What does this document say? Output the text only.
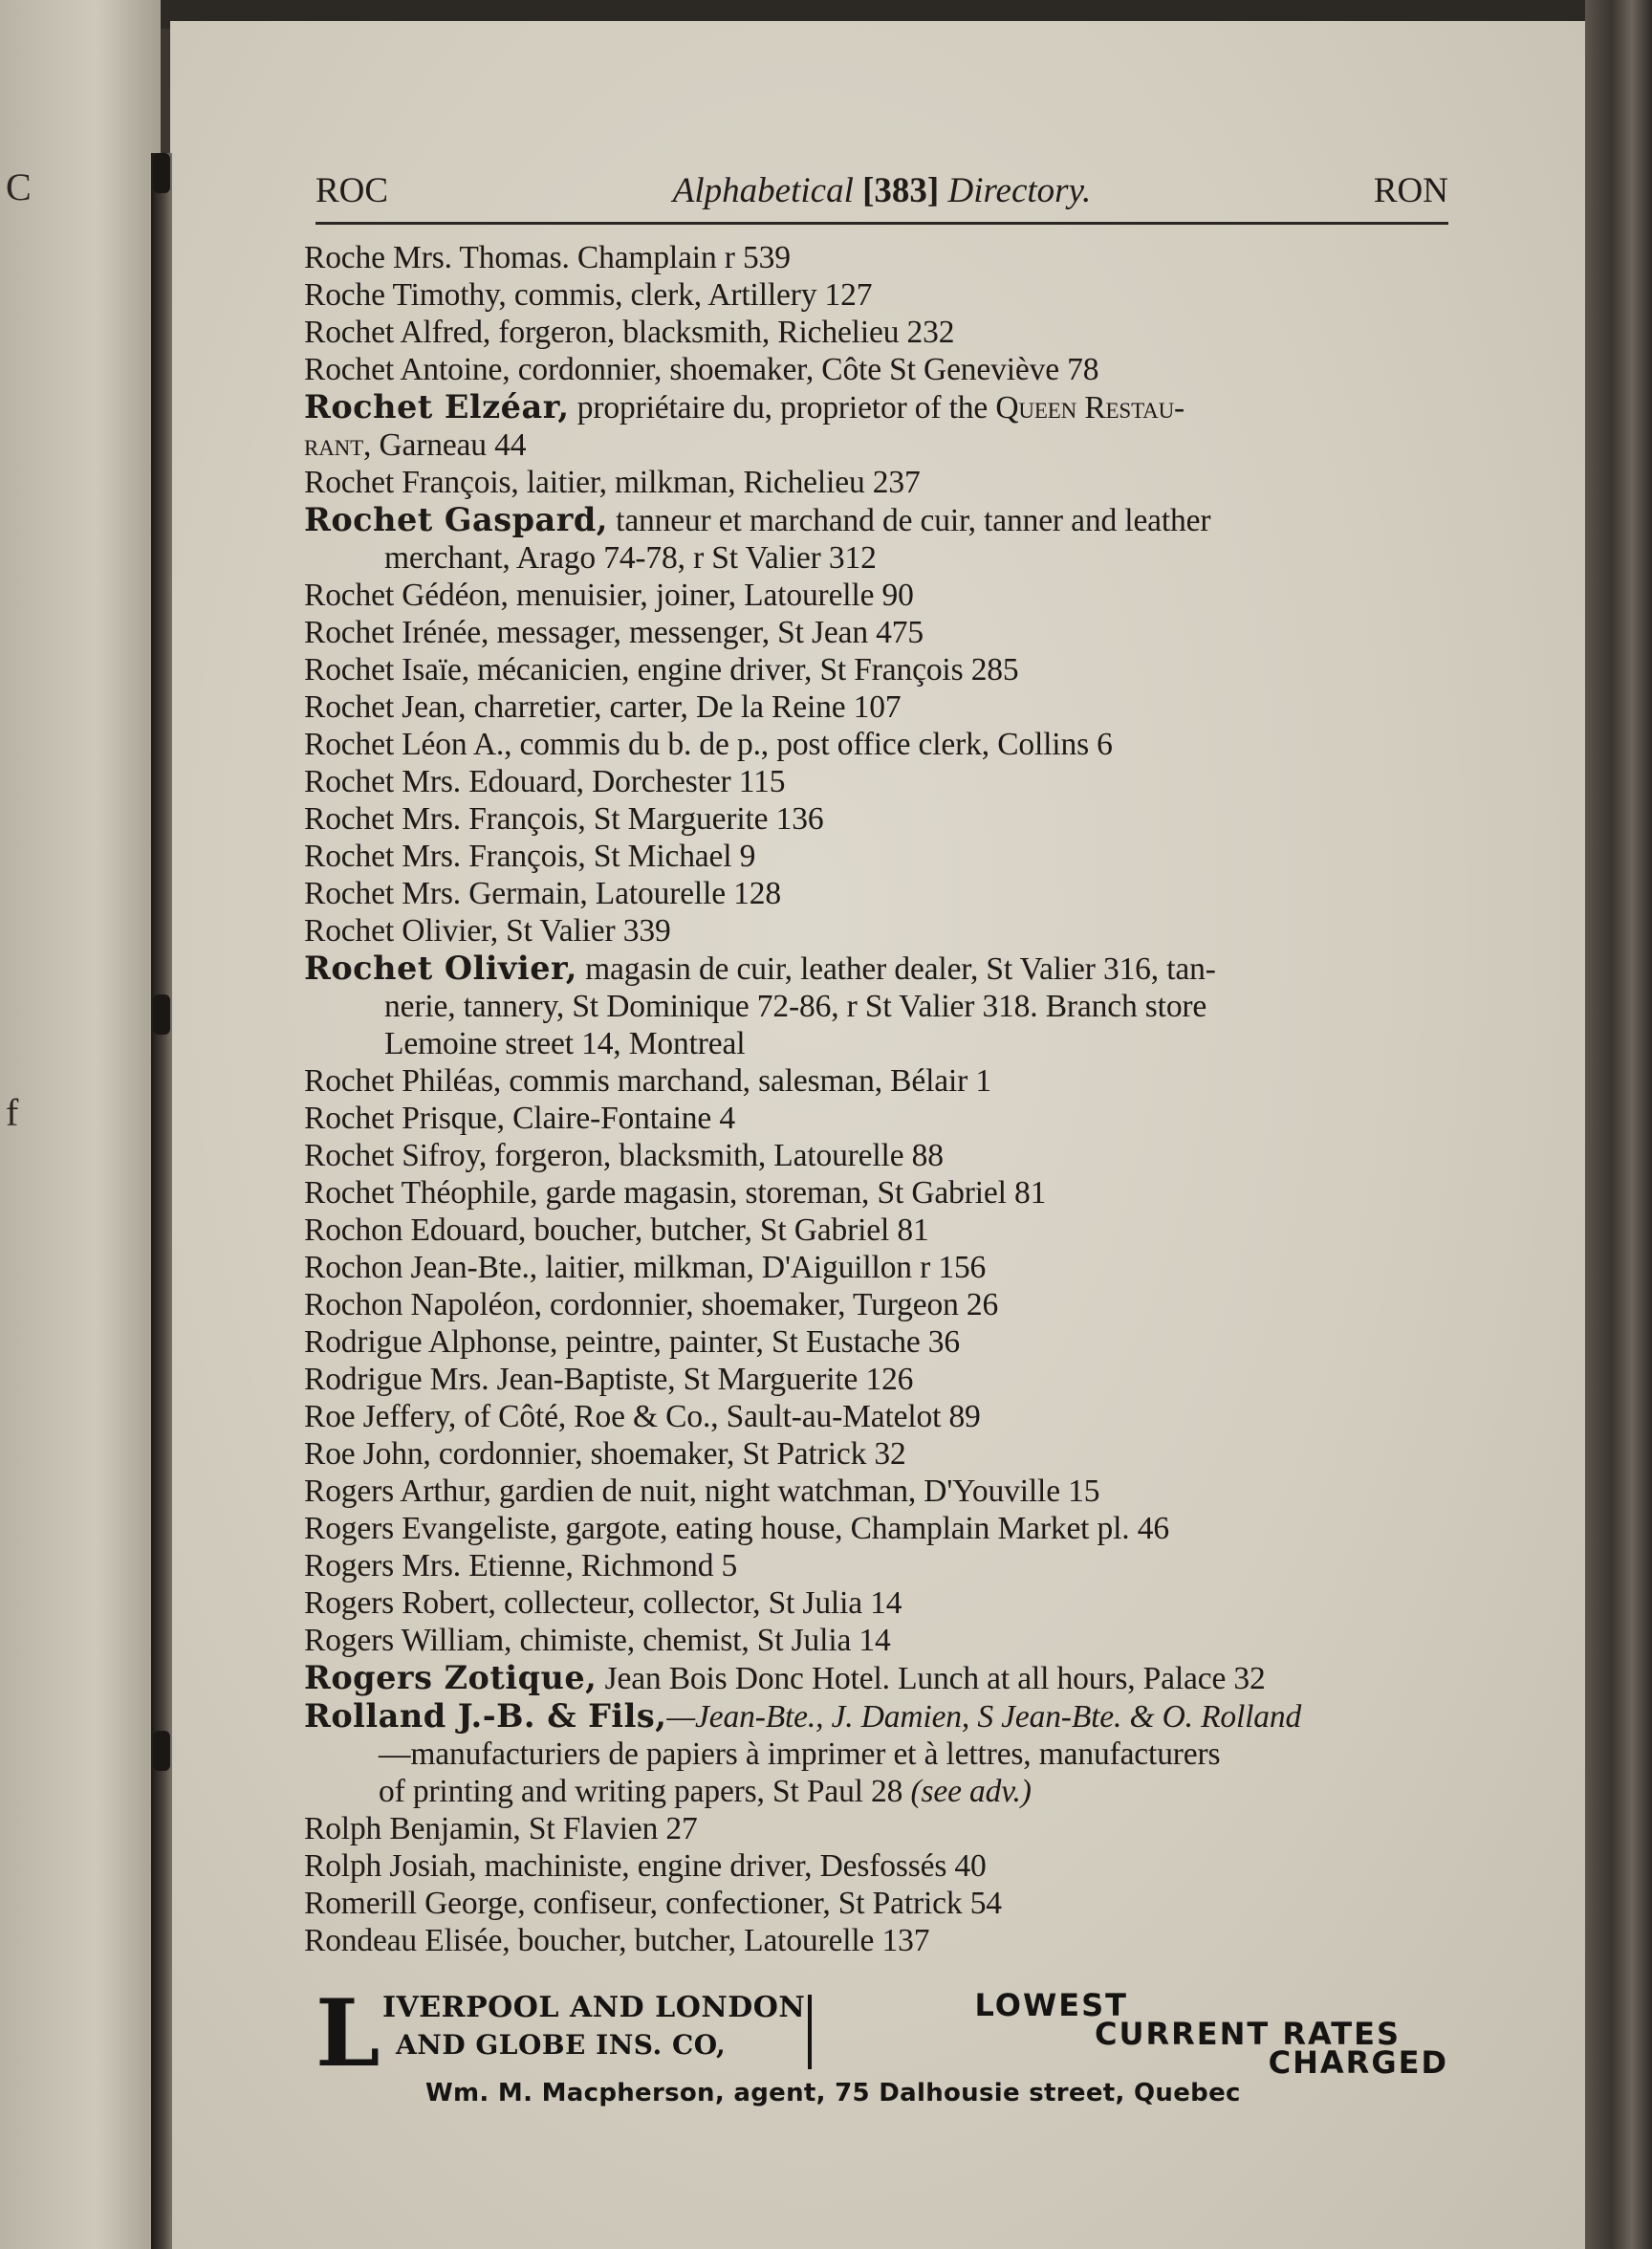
C
f
ROC	Alphabetical [383] Directory.	RON
Roche Mrs. Thomas. Champlain r 539
Roche Timothy, commis, clerk, Artillery 127
Rochet Alfred, forgeron, blacksmith, Richelieu 232
Rochet Antoine, cordonnier, shoemaker, Côte St Geneviève 78
Rochet Elzéar, propriétaire du, proprietor of the Queen Restau-
rant, Garneau 44
Rochet François, laitier, milkman, Richelieu 237
Rochet Gaspard, tanneur et marchand de cuir, tanner and leather
merchant, Arago 74-78, r St Valier 312
Rochet Gédéon, menuisier, joiner, Latourelle 90
Rochet Irénée, messager, messenger, St Jean 475
Rochet Isaïe, mécanicien, engine driver, St François 285
Rochet Jean, charretier, carter, De la Reine 107
Rochet Léon A., commis du b. de p., post office clerk, Collins 6
Rochet Mrs. Edouard, Dorchester 115
Rochet Mrs. François, St Marguerite 136
Rochet Mrs. François, St Michael 9
Rochet Mrs. Germain, Latourelle 128
Rochet Olivier, St Valier 339
Rochet Olivier, magasin de cuir, leather dealer, St Valier 316, tan-
nerie, tannery, St Dominique 72-86, r St Valier 318. Branch store
Lemoine street 14, Montreal
Rochet Philéas, commis marchand, salesman, Bélair 1
Rochet Prisque, Claire-Fontaine 4
Rochet Sifroy, forgeron, blacksmith, Latourelle 88
Rochet Théophile, garde magasin, storeman, St Gabriel 81
Rochon Edouard, boucher, butcher, St Gabriel 81
Rochon Jean-Bte., laitier, milkman, D'Aiguillon r 156
Rochon Napoléon, cordonnier, shoemaker, Turgeon 26
Rodrigue Alphonse, peintre, painter, St Eustache 36
Rodrigue Mrs. Jean-Baptiste, St Marguerite 126
Roe Jeffery, of Côté, Roe & Co., Sault-au-Matelot 89
Roe John, cordonnier, shoemaker, St Patrick 32
Rogers Arthur, gardien de nuit, night watchman, D'Youville 15
Rogers Evangeliste, gargote, eating house, Champlain Market pl. 46
Rogers Mrs. Etienne, Richmond 5
Rogers Robert, collecteur, collector, St Julia 14
Rogers William, chimiste, chemist, St Julia 14
Rogers Zotique, Jean Bois Donc Hotel. Lunch at all hours, Palace 32
Rolland J.-B. & Fils,—Jean-Bte., J. Damien, S Jean-Bte. & O. Rolland
—manufacturiers de papiers à imprimer et à lettres, manufacturers
of printing and writing papers, St Paul 28 (see adv.)
Rolph Benjamin, St Flavien 27
Rolph Josiah, machiniste, engine driver, Desfossés 40
Romerill George, confiseur, confectioner, St Patrick 54
Rondeau Elisée, boucher, butcher, Latourelle 137
L IVERPOOL AND LONDON
AND GLOBE INS. CO,
LOWEST
CURRENT RATES
CHARGED
Wm. M. Macpherson, agent, 75 Dalhousie street, Quebec
